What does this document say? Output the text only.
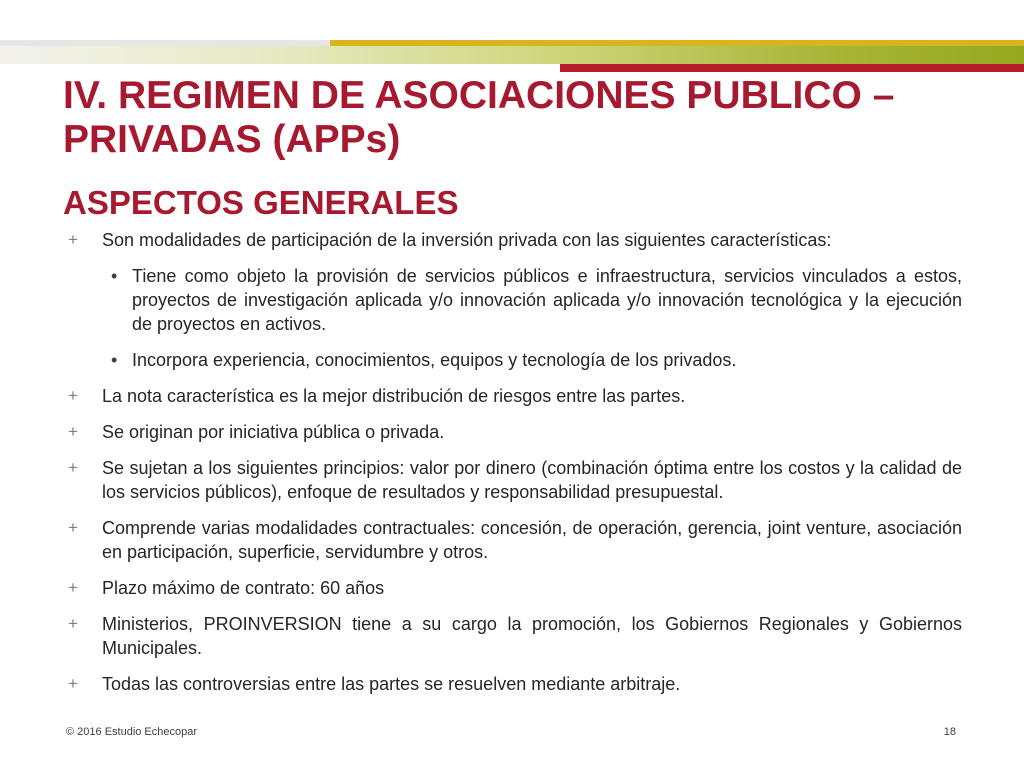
IV. REGIMEN DE ASOCIACIONES PUBLICO – PRIVADAS (APPs)
ASPECTOS GENERALES
+	Son modalidades de participación de la inversión privada con las siguientes características:
• Tiene como objeto la provisión de servicios públicos e infraestructura, servicios vinculados a estos, proyectos de investigación aplicada y/o innovación aplicada y/o innovación tecnológica y la ejecución de proyectos en activos.
• Incorpora experiencia, conocimientos, equipos y tecnología de los privados.
+	La nota característica es la mejor distribución de riesgos entre las partes.
+	Se originan por iniciativa pública o privada.
+	Se sujetan a los siguientes principios: valor por dinero (combinación óptima entre los costos y la calidad de los servicios públicos), enfoque de resultados y responsabilidad presupuestal.
+	Comprende varias modalidades contractuales: concesión, de operación, gerencia, joint venture, asociación en participación, superficie, servidumbre y otros.
+	Plazo máximo de contrato: 60 años
+	Ministerios, PROINVERSION tiene a su cargo la promoción, los Gobiernos Regionales y Gobiernos Municipales.
+	Todas las controversias entre las partes se resuelven mediante arbitraje.
© 2016 Estudio Echecopar	18
